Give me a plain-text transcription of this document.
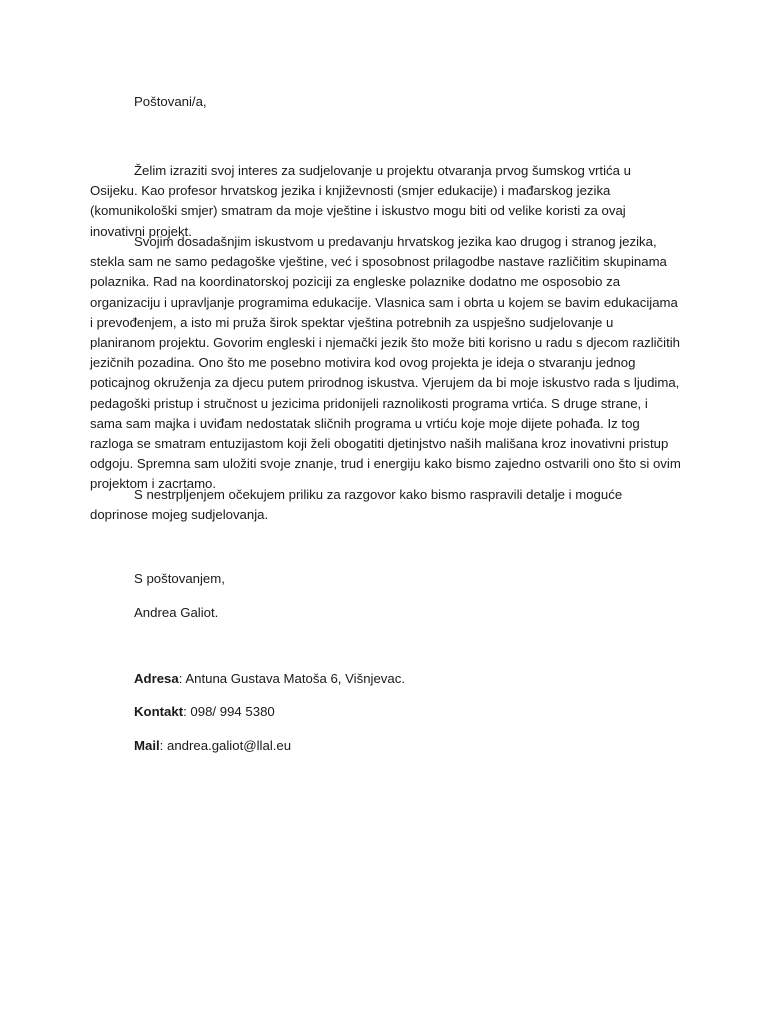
Poštovani/a,

Želim izraziti svoj interes za sudjelovanje u projektu otvaranja prvog šumskog vrtića u Osijeku. Kao profesor hrvatskog jezika i književnosti (smjer edukacije) i mađarskog jezika (komunikološki smjer) smatram da moje vještine i iskustvo mogu biti od velike koristi za ovaj inovativni projekt.

Svojim dosadašnjim iskustvom u predavanju hrvatskog jezika kao drugog i stranog jezika, stekla sam ne samo pedagoške vještine, već i sposobnost prilagodbe nastave različitim skupinama polaznika. Rad na koordinatorskoj poziciji za engleske polaznike dodatno me osposobio za organizaciju i upravljanje programima edukacije. Vlasnica sam i obrta u kojem se bavim edukacijama i prevođenjem, a isto mi pruža širok spektar vještina potrebnih za uspješno sudjelovanje u planiranom projektu. Govorim engleski i njemački jezik što može biti korisno u radu s djecom različitih jezičnih pozadina. Ono što me posebno motivira kod ovog projekta je ideja o stvaranju jednog poticajnog okruženja za djecu putem prirodnog iskustva. Vjerujem da bi moje iskustvo rada s ljudima, pedagoški pristup i stručnost u jezicima pridonijeli raznolikosti programa vrtića. S druge strane, i sama sam majka i uviđam nedostatak sličnih programa u vrtiću koje moje dijete pohađa. Iz tog razloga se smatram entuzijastom koji želi obogatiti djetinjstvo naših mališana kroz inovativni pristup odgoju. Spremna sam uložiti svoje znanje, trud i energiju kako bismo zajedno ostvarili ono što si ovim projektom i zacrtamo.

S nestrpljenjem očekujem priliku za razgovor kako bismo raspravili detalje i moguće doprinose mojeg sudjelovanja.

S poštovanjem,

Andrea Galiot.

Adresa: Antuna Gustava Matoša 6, Višnjevac.

Kontakt: 098/ 994 5380

Mail: andrea.galiot@llal.eu
